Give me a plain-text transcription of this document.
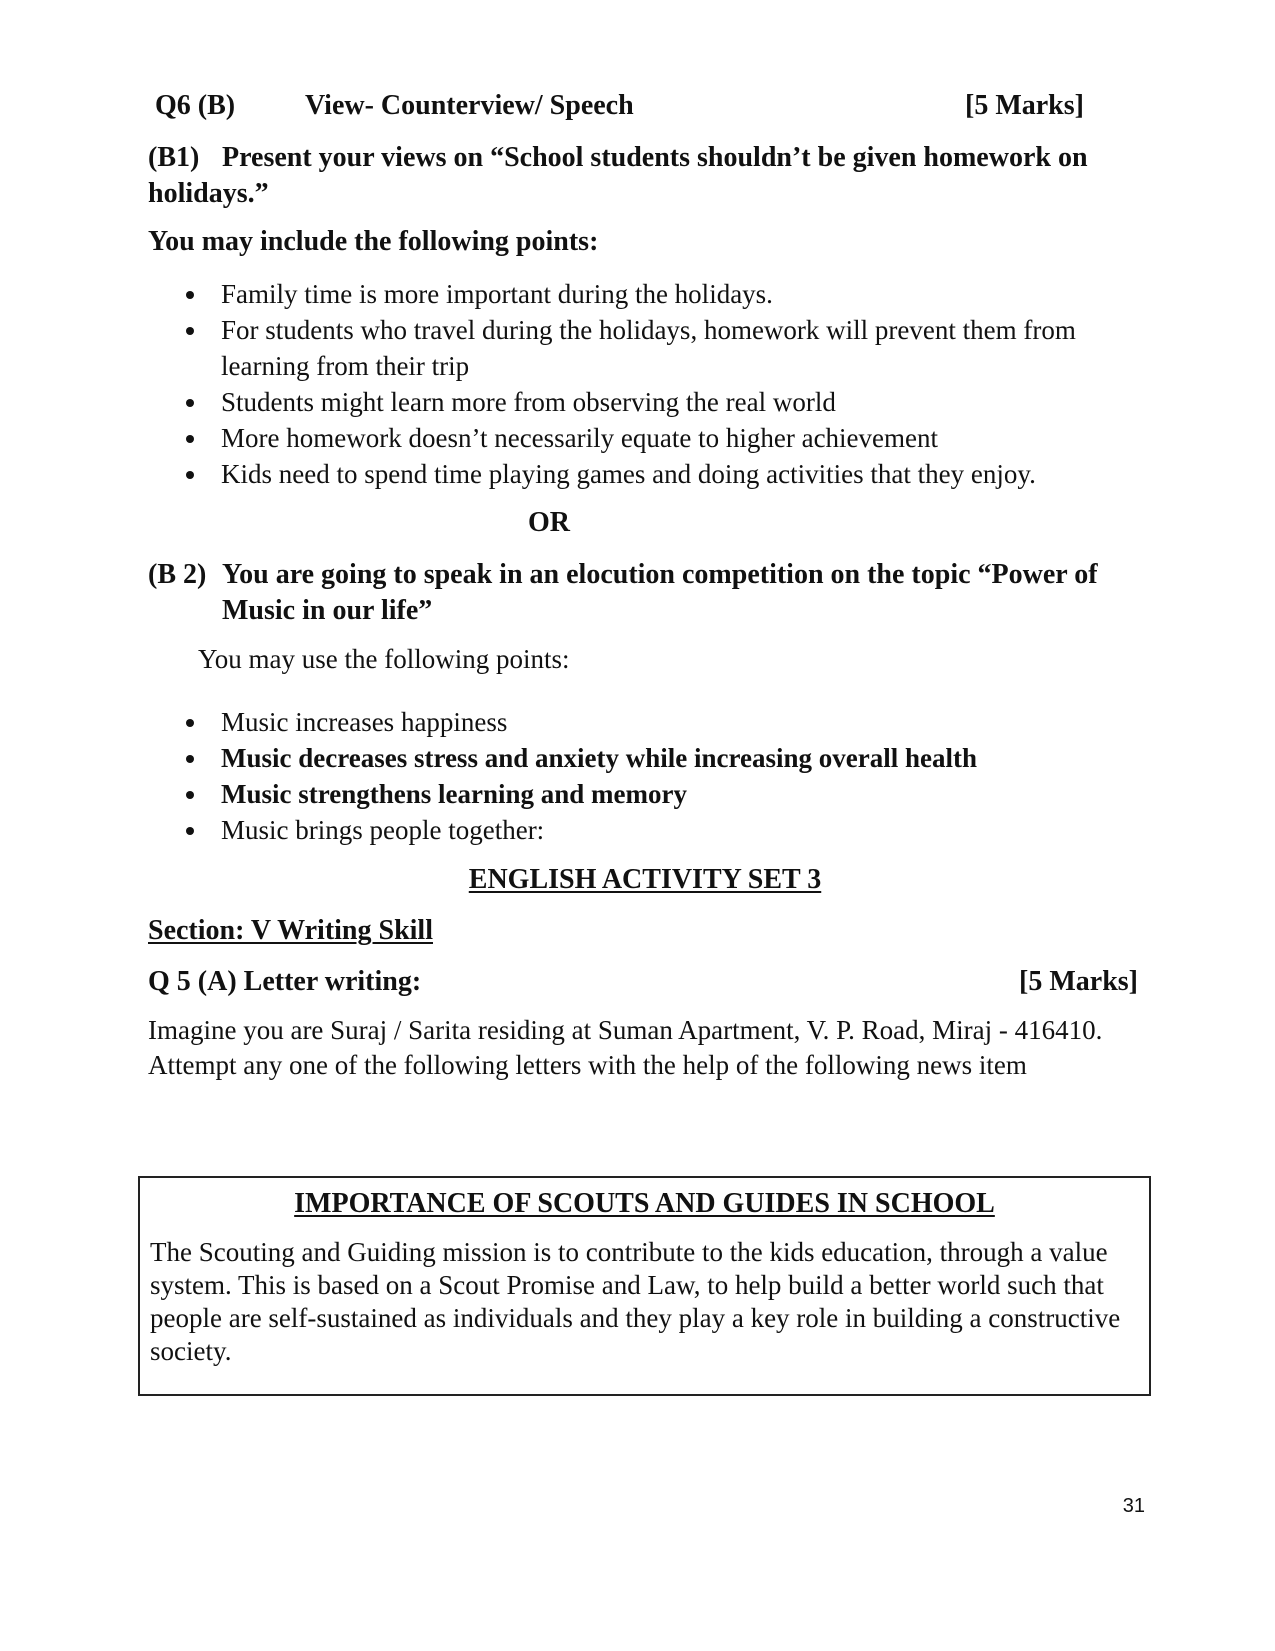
Q6 (B) View- Counterview/ Speech	[5 Marks]
(B1) Present your views on “School students shouldn’t be given homework on holidays.”
You may include the following points:
Family time is more important during the holidays.
For students who travel during the holidays, homework will prevent them from learning from their trip
Students might learn more from observing the real world
More homework doesn’t necessarily equate to higher achievement
Kids need to spend time playing games and doing activities that they enjoy.
OR
(B 2) You are going to speak in an elocution competition on the topic “Power of Music in our life”
You may use the following points:
Music increases happiness
Music decreases stress and anxiety while increasing overall health
Music strengthens learning and memory
Music brings people together:
ENGLISH ACTIVITY SET 3
Section: V Writing Skill
Q 5 (A) Letter writing:	[5 Marks]
Imagine you are Suraj / Sarita residing at Suman Apartment, V. P. Road, Miraj - 416410. Attempt any one of the following letters with the help of the following news item
IMPORTANCE OF SCOUTS AND GUIDES IN SCHOOL
The Scouting and Guiding mission is to contribute to the kids education, through a value system. This is based on a Scout Promise and Law, to help build a better world such that people are self-sustained as individuals and they play a key role in building a constructive society.
31
